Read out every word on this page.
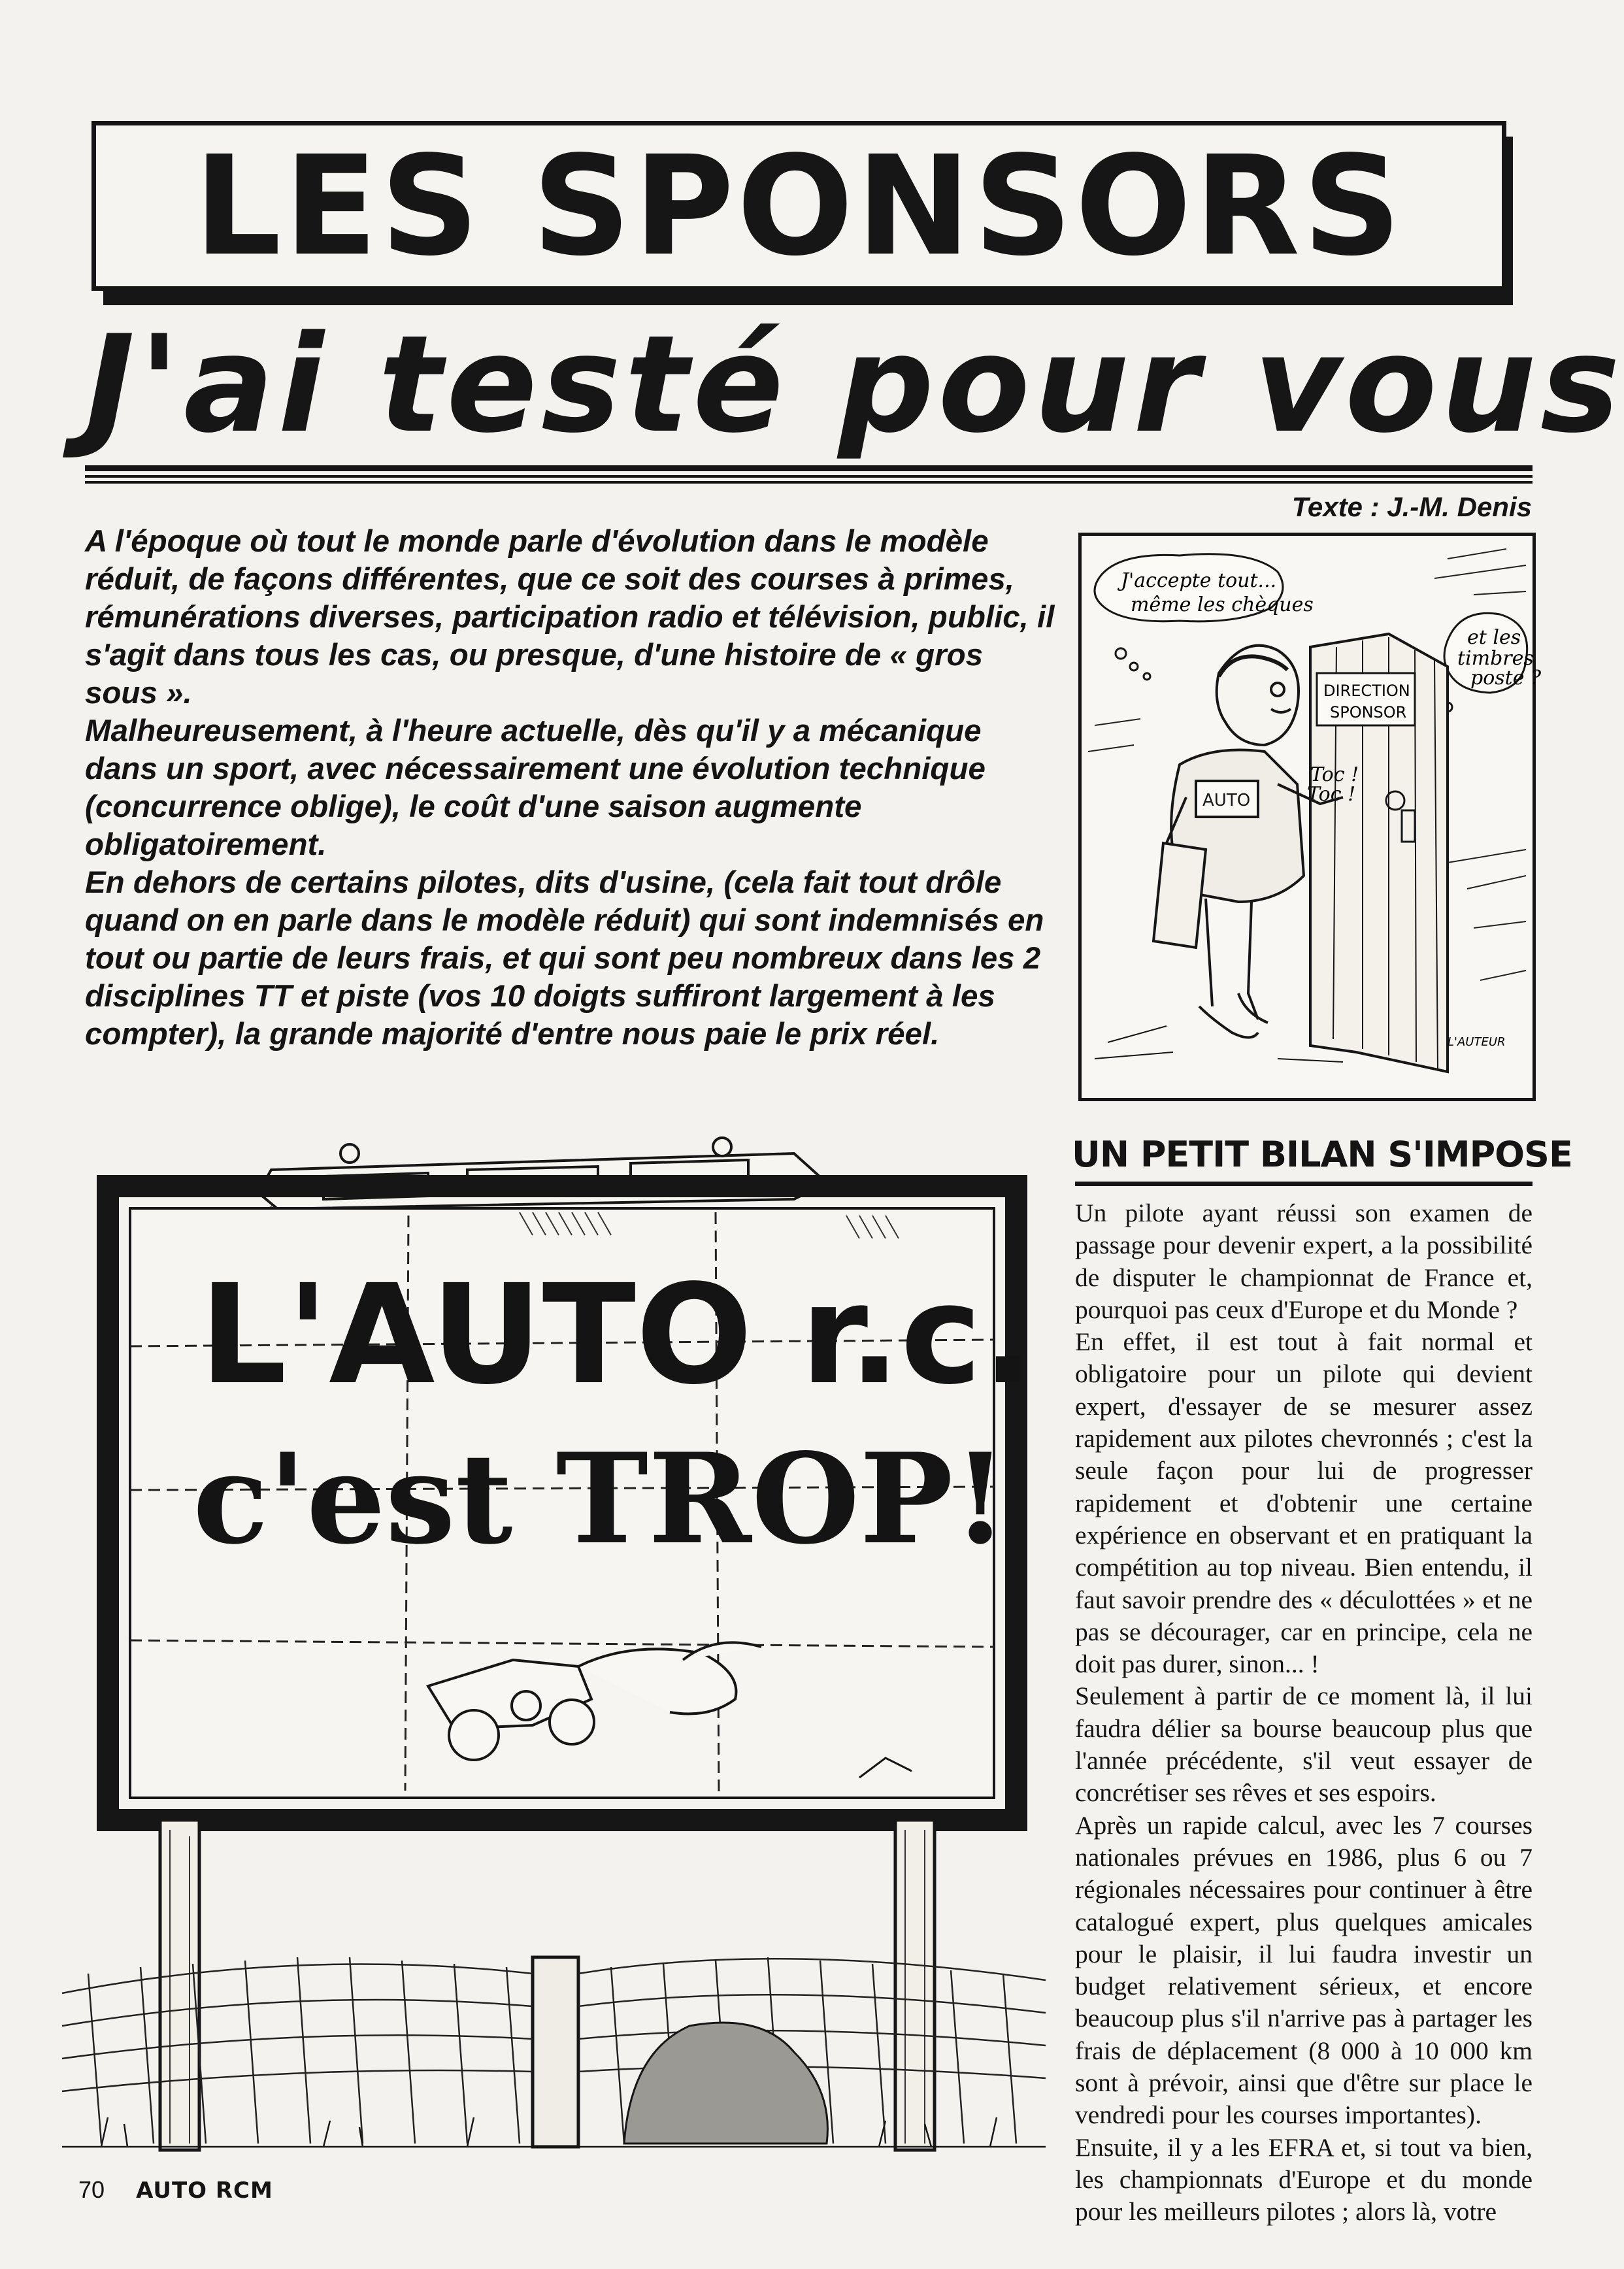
LES SPONSORS
J'ai testé pour vous
Texte : J.-M. Denis

A l'époque où tout le monde parle d'évolution dans le modèle réduit, de façons différentes, que ce soit des courses à primes, rémunérations diverses, participation radio et télévision, public, il s'agit dans tous les cas, ou presque, d'une histoire de « gros sous ».

Malheureusement, à l'heure actuelle, dès qu'il y a mécanique dans un sport, avec nécessairement une évolution technique (concurrence oblige), le coût d'une saison augmente obligatoirement.

En dehors de certains pilotes, dits d'usine, (cela fait tout drôle quand on en parle dans le modèle réduit) qui sont indemnisés en tout ou partie de leurs frais, et qui sont peu nombreux dans les 2 disciplines TT et piste (vos 10 doigts suffiront largement à les compter), la grande majorité d'entre nous paie le prix réel.

J'accepte tout...
même les chèques
et les
timbres
poste ?
DIRECTION
SPONSOR
Toc !
Toc !
AUTO
L'AUTEUR
UN PETIT BILAN S'IMPOSE

Un pilote ayant réussi son examen de passage pour devenir expert, a la possibilité de disputer le championnat de France et, pourquoi pas ceux d'Europe et du Monde ?

En effet, il est tout à fait normal et obligatoire pour un pilote qui devient expert, d'essayer de se mesurer assez rapidement aux pilotes chevronnés ; c'est la seule façon pour lui de progresser rapidement et d'obtenir une certaine expérience en observant et en pratiquant la compétition au top niveau. Bien entendu, il faut savoir prendre des « déculottées » et ne pas se décourager, car en principe, cela ne doit pas durer, sinon... !

Seulement à partir de ce moment là, il lui faudra délier sa bourse beaucoup plus que l'année précédente, s'il veut essayer de concrétiser ses rêves et ses espoirs.

Après un rapide calcul, avec les 7 courses nationales prévues en 1986, plus 6 ou 7 régionales nécessaires pour continuer à être catalogué expert, plus quelques amicales pour le plaisir, il lui faudra investir un budget relativement sérieux, et encore beaucoup plus s'il n'arrive pas à partager les frais de déplacement (8 000 à 10 000 km sont à prévoir, ainsi que d'être sur place le vendredi pour les courses importantes).

Ensuite, il y a les EFRA et, si tout va bien, les championnats d'Europe et du monde pour les meilleurs pilotes ; alors là, votre

L'AUTO r.c.
c'est TROP!
70 AUTO RCM
